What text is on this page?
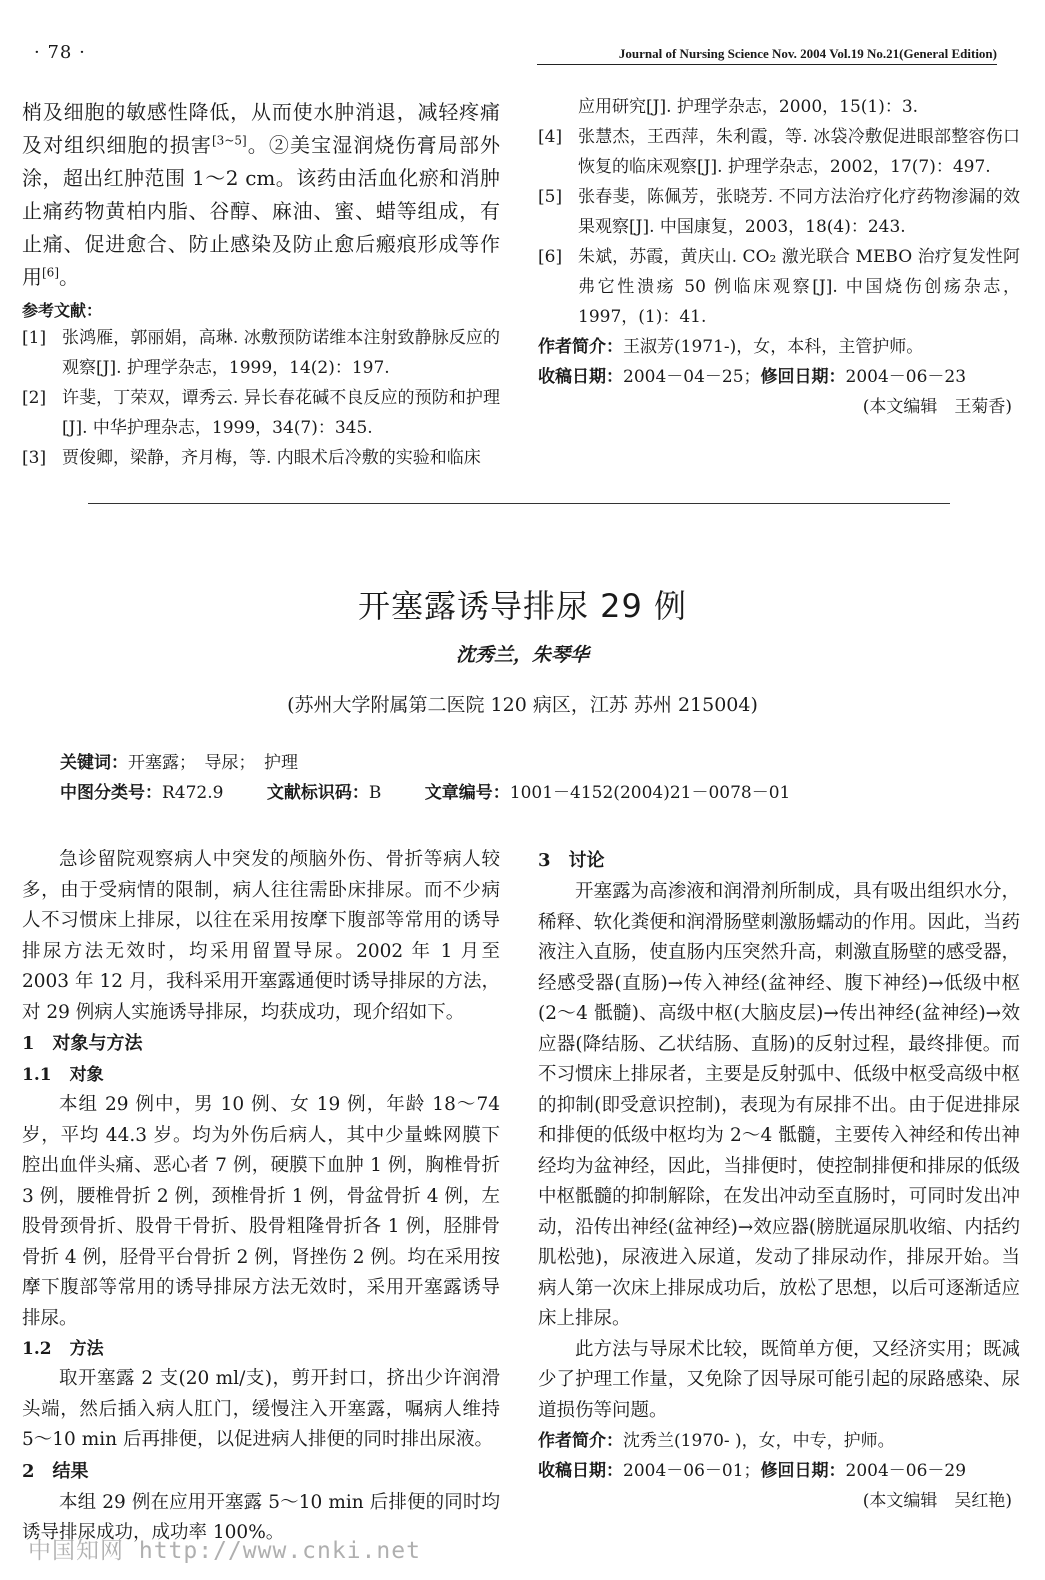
· 78 ·	Journal of Nursing Science Nov. 2004 Vol.19 No.21(General Edition)

梢及细胞的敏感性降低，从而使水肿消退，减轻疼痛及对组织细胞的损害[3~5]。②美宝湿润烧伤膏局部外涂，超出红肿范围 1～2 cm。该药由活血化瘀和消肿止痛药物黄柏内脂、谷醇、麻油、蜜、蜡等组成，有止痛、促进愈合、防止感染及防止愈后瘢痕形成等作用[6]。

参考文献：
[1] 张鸿雁，郭丽娟，高琳. 冰敷预防诺维本注射致静脉反应的观察[J]. 护理学杂志，1999，14(2)：197.
[2] 许斐，丁荣双，谭秀云. 异长春花碱不良反应的预防和护理[J]. 中华护理杂志，1999，34(7)：345.
[3] 贾俊卿，梁静，齐月梅，等. 内眼术后冷敷的实验和临床
应用研究[J]. 护理学杂志，2000，15(1)：3.
[4] 张慧杰，王西萍，朱利霞，等. 冰袋冷敷促进眼部整容伤口恢复的临床观察[J]. 护理学杂志，2002，17(7)：497.
[5] 张春斐，陈佩芳，张晓芳. 不同方法治疗化疗药物渗漏的效果观察[J]. 中国康复，2003，18(4)：243.
[6] 朱斌，苏霞，黄庆山. CO₂ 激光联合 MEBO 治疗复发性阿弗它性溃疡 50 例临床观察[J]. 中国烧伤创疡杂志，1997，(1)：41.
作者简介：王淑芳(1971-)，女，本科，主管护师。
收稿日期：2004－04－25；修回日期：2004－06－23
(本文编辑　王菊香)
开塞露诱导排尿 29 例
沈秀兰，朱琴华
(苏州大学附属第二医院 120 病区，江苏 苏州 215004)
关键词：开塞露；　导尿；　护理
中图分类号：R472.9	文献标识码：B	文章编号：1001－4152(2004)21－0078－01

急诊留院观察病人中突发的颅脑外伤、骨折等病人较多，由于受病情的限制，病人往往需卧床排尿。而不少病人不习惯床上排尿，以往在采用按摩下腹部等常用的诱导排尿方法无效时，均采用留置导尿。2002 年 1 月至 2003 年 12 月，我科采用开塞露通便时诱导排尿的方法，对 29 例病人实施诱导排尿，均获成功，现介绍如下。

1 对象与方法
1.1 对象

本组 29 例中，男 10 例、女 19 例，年龄 18～74 岁，平均 44.3 岁。均为外伤后病人，其中少量蛛网膜下腔出血伴头痛、恶心者 7 例，硬膜下血肿 1 例，胸椎骨折 3 例，腰椎骨折 2 例，颈椎骨折 1 例，骨盆骨折 4 例，左股骨颈骨折、股骨干骨折、股骨粗隆骨折各 1 例，胫腓骨骨折 4 例，胫骨平台骨折 2 例，肾挫伤 2 例。均在采用按摩下腹部等常用的诱导排尿方法无效时，采用开塞露诱导排尿。

1.2 方法

取开塞露 2 支(20 ml/支)，剪开封口，挤出少许润滑头端，然后插入病人肛门，缓慢注入开塞露，嘱病人维持 5～10 min 后再排便，以促进病人排便的同时排出尿液。

2 结果

本组 29 例在应用开塞露 5～10 min 后排便的同时均诱导排尿成功，成功率 100%。

3 讨论

开塞露为高渗液和润滑剂所制成，具有吸出组织水分，稀释、软化粪便和润滑肠壁刺激肠蠕动的作用。因此，当药液注入直肠，使直肠内压突然升高，刺激直肠壁的感受器，经感受器(直肠)→传入神经(盆神经、腹下神经)→低级中枢(2～4 骶髓)、高级中枢(大脑皮层)→传出神经(盆神经)→效应器(降结肠、乙状结肠、直肠)的反射过程，最终排便。而不习惯床上排尿者，主要是反射弧中、低级中枢受高级中枢的抑制(即受意识控制)，表现为有尿排不出。由于促进排尿和排便的低级中枢均为 2～4 骶髓，主要传入神经和传出神经均为盆神经，因此，当排便时，使控制排便和排尿的低级中枢骶髓的抑制解除，在发出冲动至直肠时，可同时发出冲动，沿传出神经(盆神经)→效应器(膀胱逼尿肌收缩、内括约肌松弛)，尿液进入尿道，发动了排尿动作，排尿开始。当病人第一次床上排尿成功后，放松了思想，以后可逐渐适应床上排尿。

此方法与导尿术比较，既简单方便，又经济实用；既减少了护理工作量，又免除了因导尿可能引起的尿路感染、尿道损伤等问题。

作者简介：沈秀兰(1970- )，女，中专，护师。
收稿日期：2004－06－01；修回日期：2004－06－29
(本文编辑　吴红艳)
中国知网 http://www.cnki.net
